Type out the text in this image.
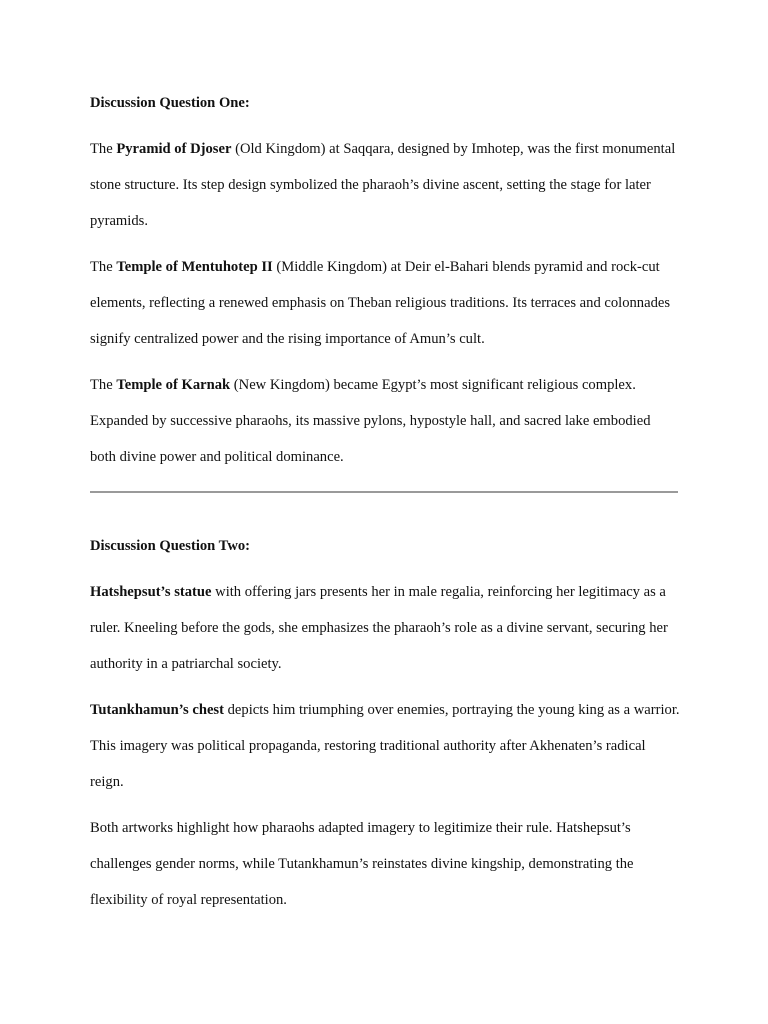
Discussion Question One:

The Pyramid of Djoser (Old Kingdom) at Saqqara, designed by Imhotep, was the first monumental stone structure. Its step design symbolized the pharaoh’s divine ascent, setting the stage for later pyramids.

The Temple of Mentuhotep II (Middle Kingdom) at Deir el-Bahari blends pyramid and rock-cut elements, reflecting a renewed emphasis on Theban religious traditions. Its terraces and colonnades signify centralized power and the rising importance of Amun’s cult.

The Temple of Karnak (New Kingdom) became Egypt’s most significant religious complex. Expanded by successive pharaohs, its massive pylons, hypostyle hall, and sacred lake embodied both divine power and political dominance.

Discussion Question Two:

Hatshepsut’s statue with offering jars presents her in male regalia, reinforcing her legitimacy as a ruler. Kneeling before the gods, she emphasizes the pharaoh’s role as a divine servant, securing her authority in a patriarchal society.

Tutankhamun’s chest depicts him triumphing over enemies, portraying the young king as a warrior. This imagery was political propaganda, restoring traditional authority after Akhenaten’s radical reign.

Both artworks highlight how pharaohs adapted imagery to legitimize their rule. Hatshepsut’s challenges gender norms, while Tutankhamun’s reinstates divine kingship, demonstrating the flexibility of royal representation.
